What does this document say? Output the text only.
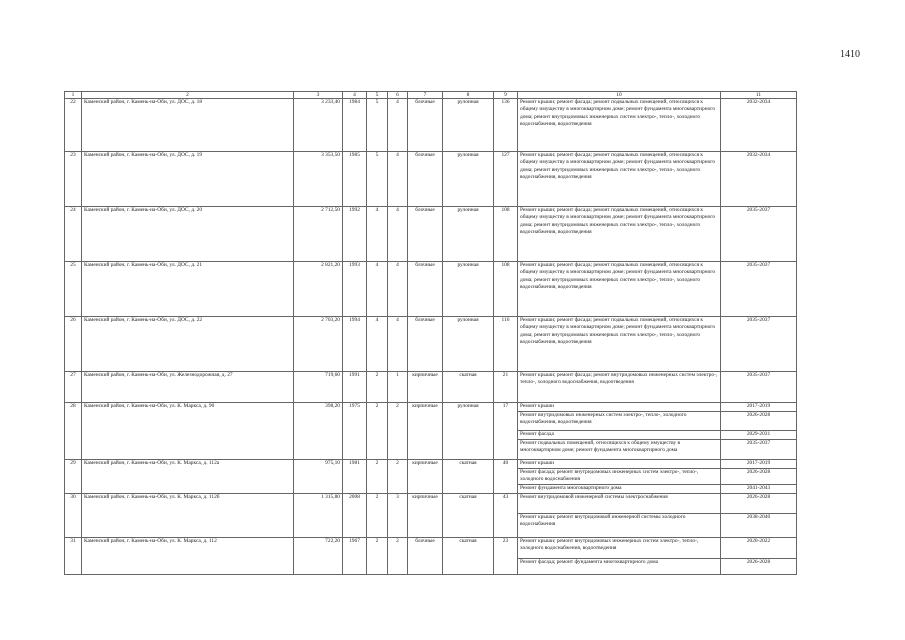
1410
1	2	3	4	5	6	7	8	9	10	11
22	Каменский район, г. Камень-на-Оби, ул. ДОС, д. 18	3 233,40	1984	5	4	блочные	рулонная	136	Ремонт крыши; ремонт фасада; ремонт подвальных помещений, относящихся к общему имуществу в многоквартирном доме; ремонт фундамента многоквартирного дома; ремонт внутридомовых инженерных систем электро-, тепло-, холодного водоснабжения, водоотведения	2032-2034
23	Каменский район, г. Камень-на-Оби, ул. ДОС, д. 19	3 353,50	1985	5	4	блочные	рулонная	127	Ремонт крыши; ремонт фасада; ремонт подвальных помещений, относящихся к общему имуществу в многоквартирном доме; ремонт фундамента многоквартирного дома; ремонт внутридомовых инженерных систем электро-, тепло-, холодного водоснабжения, водоотведения	2032-2034
24	Каменский район, г. Камень-на-Оби, ул. ДОС, д. 20	2 712,50	1992	4	4	блочные	рулонная	108	Ремонт крыши; ремонт фасада; ремонт подвальных помещений, относящихся к общему имуществу в многоквартирном доме; ремонт фундамента многоквартирного дома; ремонт внутридомовых инженерных систем электро-, тепло-, холодного водоснабжения, водоотведения	2035-2037
25	Каменский район, г. Камень-на-Оби, ул. ДОС, д. 21	2 821,20	1993	4	4	блочные	рулонная	108	Ремонт крыши; ремонт фасада; ремонт подвальных помещений, относящихся к общему имуществу в многоквартирном доме; ремонт фундамента многоквартирного дома; ремонт внутридомовых инженерных систем электро-, тепло-, холодного водоснабжения, водоотведения	2035-2037
26	Каменский район, г. Камень-на-Оби, ул. ДОС, д. 22	2 703,20	1994	4	4	блочные	рулонная	116	Ремонт крыши; ремонт фасада; ремонт подвальных помещений, относящихся к общему имуществу в многоквартирном доме; ремонт фундамента многоквартирного дома; ремонт внутридомовых инженерных систем электро-, тепло-, холодного водоснабжения, водоотведения	2035-2037
27	Каменский район, г. Камень-на-Оби, ул. Железнодорожная, д. 27	719,60	1991	2	1	кирпичные	скатная	21	Ремонт крыши; ремонт фасада; ремонт внутридомовых инженерных систем электро-, тепло-, холодного водоснабжения, водоотведения	2035-2037
28	Каменский район, г. Камень-на-Оби, ул. К. Маркса, д. 90	398,20	1975	2	2	кирпичные	рулонная	17	Ремонт крыши	2017-2019
									Ремонт внутридомовых инженерных систем электро-, тепло-, холодного водоснабжения, водоотведения	2026-2028
									Ремонт фасада	2029-2031
									Ремонт подвальных помещений, относящихся к общему имуществу в многоквартирном доме; ремонт фундамента многоквартирного дома	2035-2037
29	Каменский район, г. Камень-на-Оби, ул. К. Маркса, д. 112а	975,10	1981	2	2	кирпичные	скатная	40	Ремонт крыши	2017-2019
									Ремонт фасада; ремонт внутридомовых инженерных систем электро-, тепло-, холодного водоснабжения	2026-2028
									Ремонт фундамента многоквартирного дома	2041-2043
30	Каменский район, г. Камень-на-Оби, ул. К. Маркса, д. 112б	1 315,80	2008	2	3	кирпичные	скатная	43	Ремонт внутридомовой инженерной системы электроснабжения	2026-2028
									Ремонт крыши; ремонт внутридомовой инженерной системы холодного водоснабжения	2038-2040
31	Каменский район, г. Камень-на-Оби, ул. К. Маркса, д. 112	722,20	1967	2	2	блочные	скатная	23	Ремонт крыши; ремонт внутридомовых инженерных систем электро-, тепло-, холодного водоснабжения, водоотведения	2020-2022
									Ремонт фасада; ремонт фундамента многоквартирного дома	2026-2028
